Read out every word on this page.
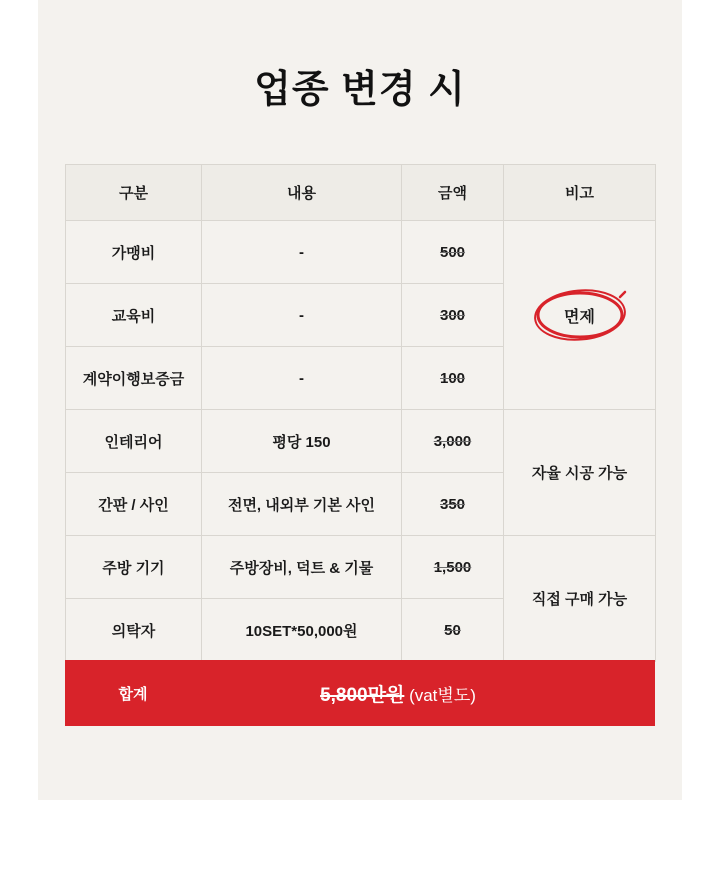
업종 변경 시
구분	내용	금액	비고
가맹비	-	500	면제
교육비	-	300	
계약이행보증금	-	100	
인테리어	평당 150	3,000	자율 시공 가능
간판 / 사인	전면, 내외부 기본 사인	350	
주방 기기	주방장비, 덕트 & 기물	1,500	직접 구매 가능
의탁자	10SET*50,000원	50	
합계	5,800만원 (vat별도)
